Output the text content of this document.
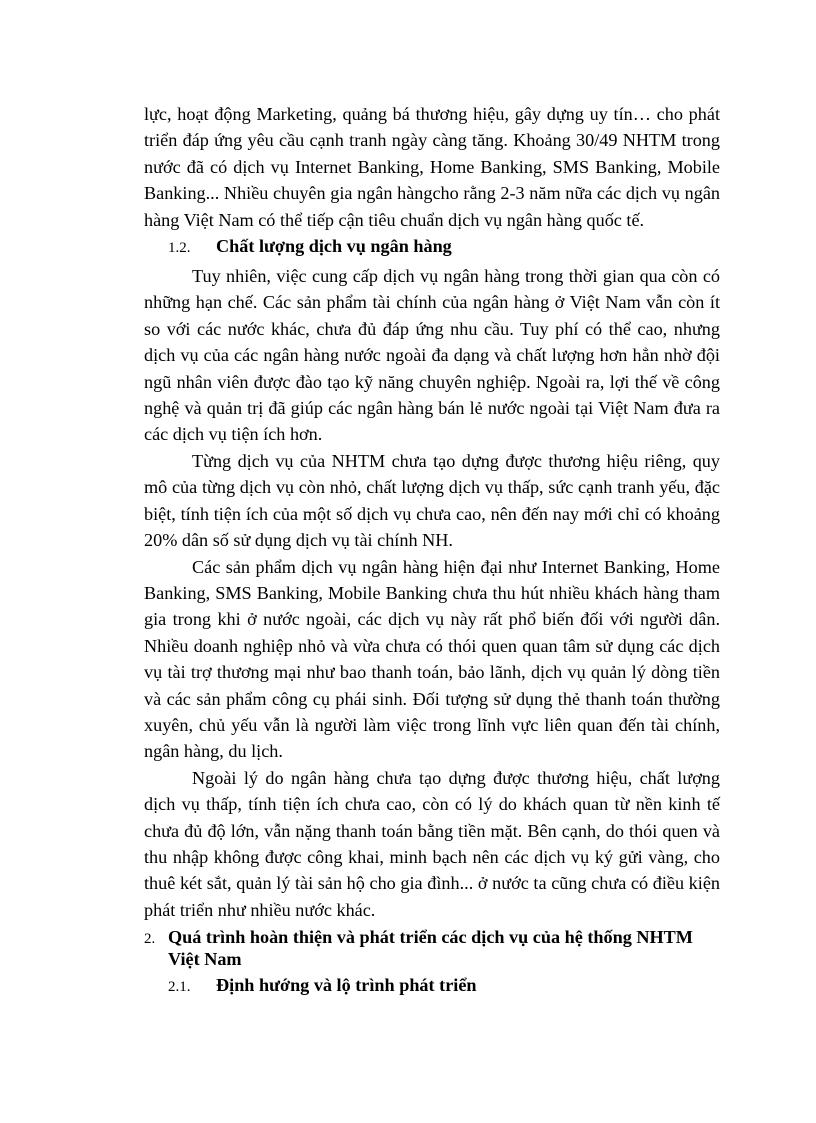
lực, hoạt động Marketing, quảng bá thương hiệu, gây dựng uy tín… cho phát triển đáp ứng yêu cầu cạnh tranh ngày càng tăng. Khoảng 30/49 NHTM trong nước đã có dịch vụ Internet Banking, Home Banking, SMS Banking, Mobile Banking... Nhiều chuyên gia ngân hàngcho rằng 2-3 năm nữa các dịch vụ ngân hàng Việt Nam có thể tiếp cận tiêu chuẩn dịch vụ ngân hàng quốc tế.

1.2.	Chất lượng dịch vụ ngân hàng

Tuy nhiên, việc cung cấp dịch vụ ngân hàng trong thời gian qua còn có những hạn chế. Các sản phẩm tài chính của ngân hàng ở Việt Nam vẫn còn ít so với các nước khác, chưa đủ đáp ứng nhu cầu. Tuy phí có thể cao, nhưng dịch vụ của các ngân hàng nước ngoài đa dạng và chất lượng hơn hẳn nhờ đội ngũ nhân viên được đào tạo kỹ năng chuyên nghiệp. Ngoài ra, lợi thế về công nghệ và quản trị đã giúp các ngân hàng bán lẻ nước ngoài tại Việt Nam đưa ra các dịch vụ tiện ích hơn.

Từng dịch vụ của NHTM chưa tạo dựng được thương hiệu riêng, quy mô của từng dịch vụ còn nhỏ, chất lượng dịch vụ thấp, sức cạnh tranh yếu, đặc biệt, tính tiện ích của một số dịch vụ chưa cao, nên đến nay mới chỉ có khoảng 20% dân số sử dụng dịch vụ tài chính NH.

Các sản phẩm dịch vụ ngân hàng hiện đại như Internet Banking, Home Banking, SMS Banking, Mobile Banking chưa thu hút nhiều khách hàng tham gia trong khi ở nước ngoài, các dịch vụ này rất phổ biến đối với người dân. Nhiều doanh nghiệp nhỏ và vừa chưa có thói quen quan tâm sử dụng các dịch vụ tài trợ thương mại như bao thanh toán, bảo lãnh, dịch vụ quản lý dòng tiền và các sản phẩm công cụ phái sinh. Đối tượng sử dụng thẻ thanh toán thường xuyên, chủ yếu vẫn là người làm việc trong lĩnh vực liên quan đến tài chính, ngân hàng, du lịch.

Ngoài lý do ngân hàng chưa tạo dựng được thương hiệu, chất lượng dịch vụ thấp, tính tiện ích chưa cao, còn có lý do khách quan từ nền kinh tế chưa đủ độ lớn, vẫn nặng thanh toán bằng tiền mặt. Bên cạnh, do thói quen và thu nhập không được công khai, minh bạch nên các dịch vụ ký gửi vàng, cho thuê két sắt, quản lý tài sản hộ cho gia đình... ở nước ta cũng chưa có điều kiện phát triển như nhiều nước khác.

2. Quá trình hoàn thiện và phát triển các dịch vụ của hệ thống NHTM Việt Nam
2.1.	Định hướng và lộ trình phát triển
